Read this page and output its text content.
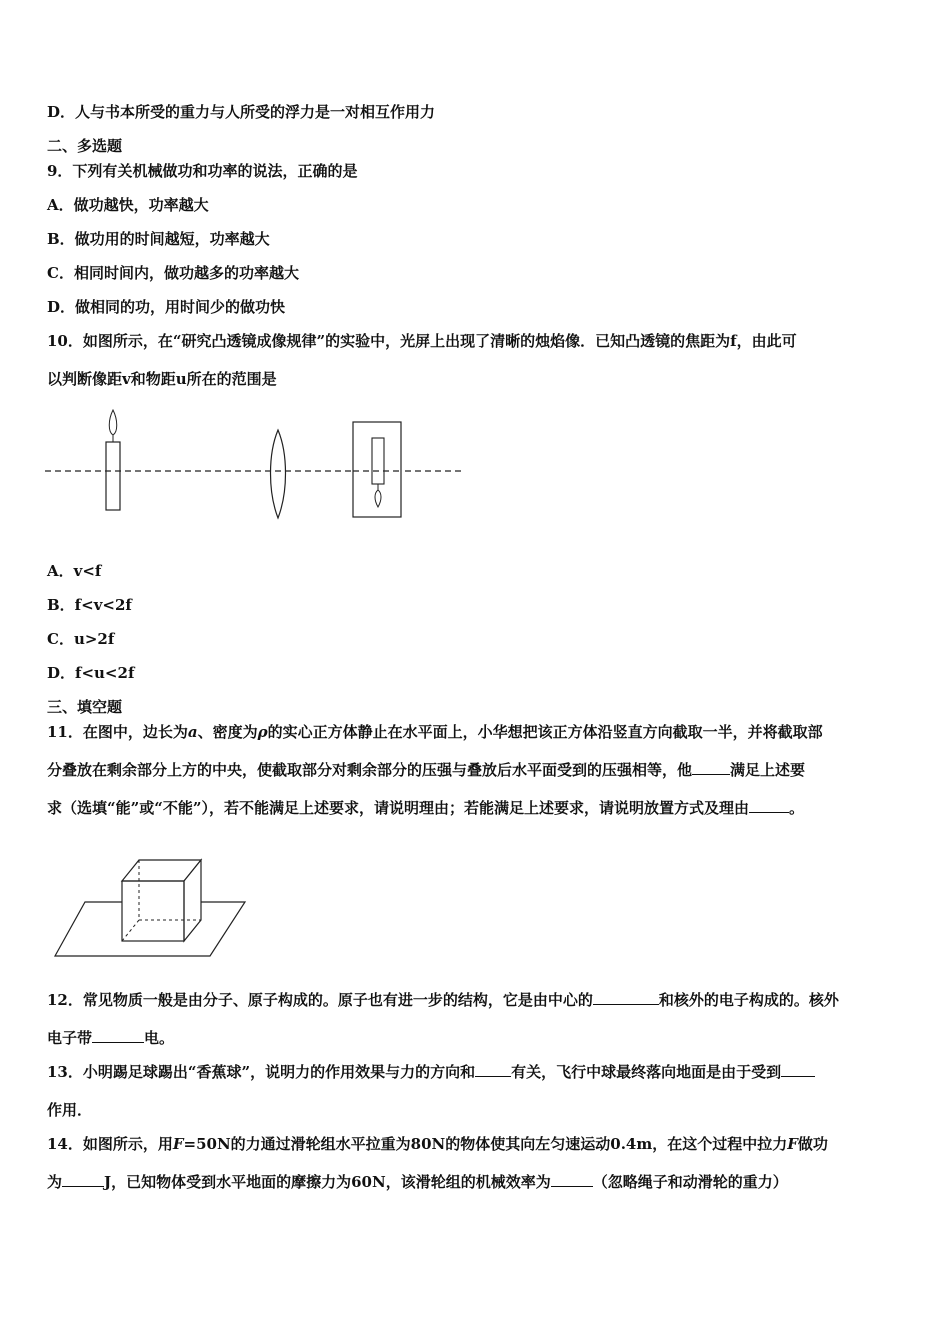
D．人与书本所受的重力与人所受的浮力是一对相互作用力
二、多选题
9．下列有关机械做功和功率的说法，正确的是
A．做功越快，功率越大
B．做功用的时间越短，功率越大
C．相同时间内，做功越多的功率越大
D．做相同的功，用时间少的做功快
10．如图所示，在“研究凸透镜成像规律”的实验中，光屏上出现了清晰的烛焰像．已知凸透镜的焦距为f，由此可
以判断像距v和物距u所在的范围是
A．v<f
B．f<v<2f
C．u>2f
D．f<u<2f
三、填空题
11．在图中，边长为a、密度为ρ的实心正方体静止在水平面上，小华想把该正方体沿竖直方向截取一半，并将截取部
分叠放在剩余部分上方的中央，使截取部分对剩余部分的压强与叠放后水平面受到的压强相等，他	满足上述要
求（选填“能”或“不能”），若不能满足上述要求，请说明理由；若能满足上述要求，请说明放置方式及理由	。
12．常见物质一般是由分子、原子构成的。原子也有进一步的结构，它是由中心的	和核外的电子构成的。核外
电子带	电。
13．小明踢足球踢出“香蕉球”，说明力的作用效果与力的方向和 有关，飞行中球最终落向地面是由于受到
作用．
14．如图所示，用F=50N的力通过滑轮组水平拉重为80N的物体使其向左匀速运动0.4m，在这个过程中拉力F做功
为	J，已知物体受到水平地面的摩擦力为60N，该滑轮组的机械效率为	（忽略绳子和动滑轮的重力）
